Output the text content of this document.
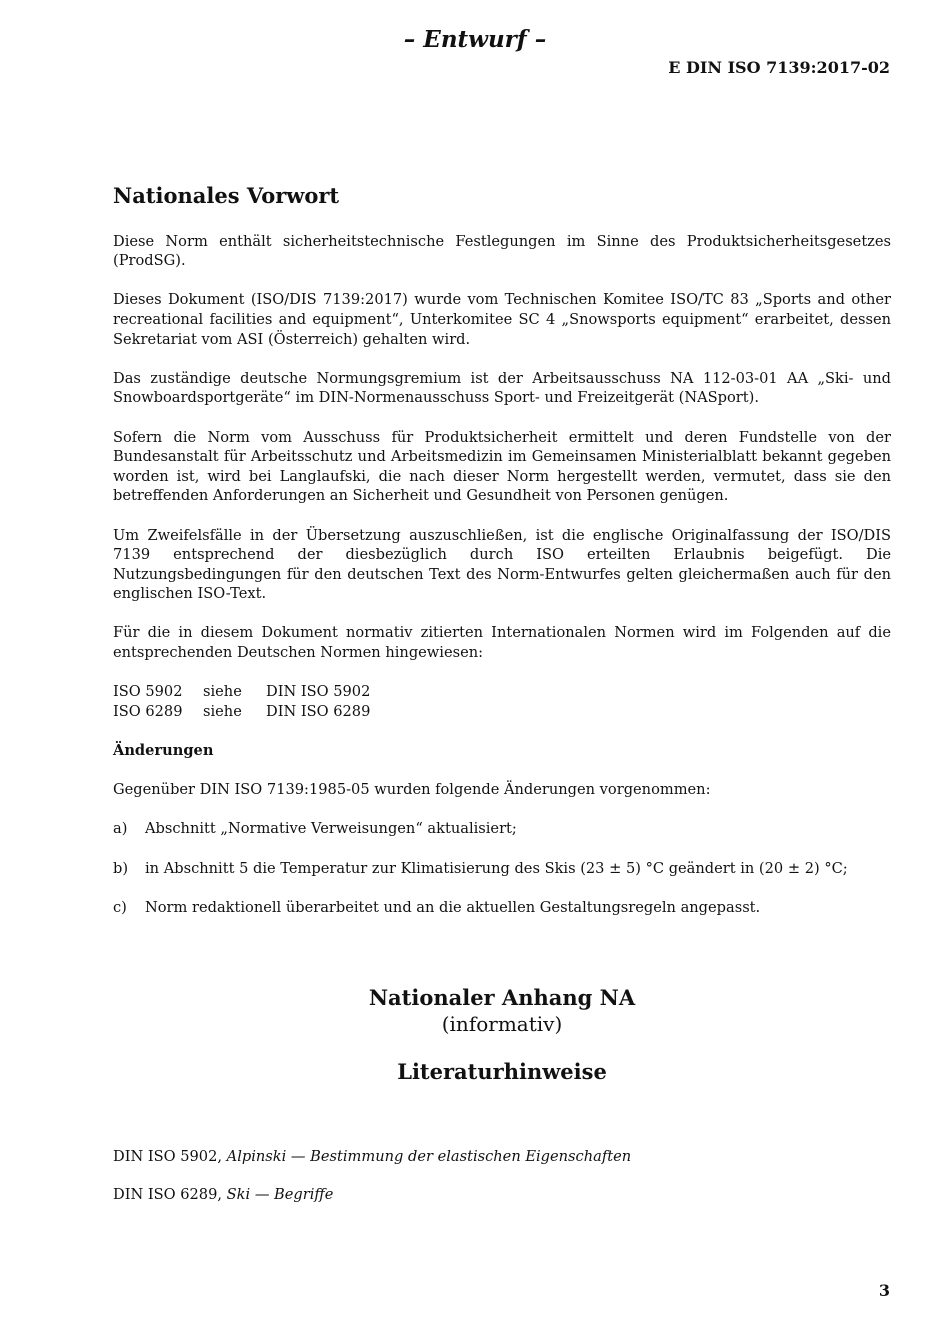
– Entwurf –
E DIN ISO 7139:2017-02
Nationales Vorwort

Diese Norm enthält sicherheitstechnische Festlegungen im Sinne des Produktsicherheitsgesetzes (ProdSG).

Dieses Dokument (ISO/DIS 7139:2017) wurde vom Technischen Komitee ISO/TC 83 „Sports and other recreational facilities and equipment“, Unterkomitee SC 4 „Snowsports equipment“ erarbeitet, dessen Sekretariat vom ASI (Österreich) gehalten wird.

Das zuständige deutsche Normungsgremium ist der Arbeitsausschuss NA 112-03-01 AA „Ski- und Snowboardsportgeräte“ im DIN-Normenausschuss Sport- und Freizeitgerät (NASport).

Sofern die Norm vom Ausschuss für Produktsicherheit ermittelt und deren Fundstelle von der Bundesanstalt für Arbeitsschutz und Arbeitsmedizin im Gemeinsamen Ministerialblatt bekannt gegeben worden ist, wird bei Langlaufski, die nach dieser Norm hergestellt werden, vermutet, dass sie den betreffenden Anforderungen an Sicherheit und Gesundheit von Personen genügen.

Um Zweifelsfälle in der Übersetzung auszuschließen, ist die englische Originalfassung der ISO/DIS 7139 entsprechend der diesbezüglich durch ISO erteilten Erlaubnis beigefügt. Die Nutzungsbedingungen für den deutschen Text des Norm-Entwurfes gelten gleichermaßen auch für den englischen ISO-Text.

Für die in diesem Dokument normativ zitierten Internationalen Normen wird im Folgenden auf die entsprechenden Deutschen Normen hingewiesen:

ISO 5902	siehe	DIN ISO 5902
ISO 6289	siehe	DIN ISO 6289
Änderungen

Gegenüber DIN ISO 7139:1985-05 wurden folgende Änderungen vorgenommen:

a)	Abschnitt „Normative Verweisungen“ aktualisiert;
b)	in Abschnitt 5 die Temperatur zur Klimatisierung des Skis (23 ± 5) °C geändert in (20 ± 2) °C;
c)	Norm redaktionell überarbeitet und an die aktuellen Gestaltungsregeln angepasst.
Nationaler Anhang NA
(informativ)
Literaturhinweise
DIN ISO 5902, Alpinski — Bestimmung der elastischen Eigenschaften
DIN ISO 6289, Ski — Begriffe
3
